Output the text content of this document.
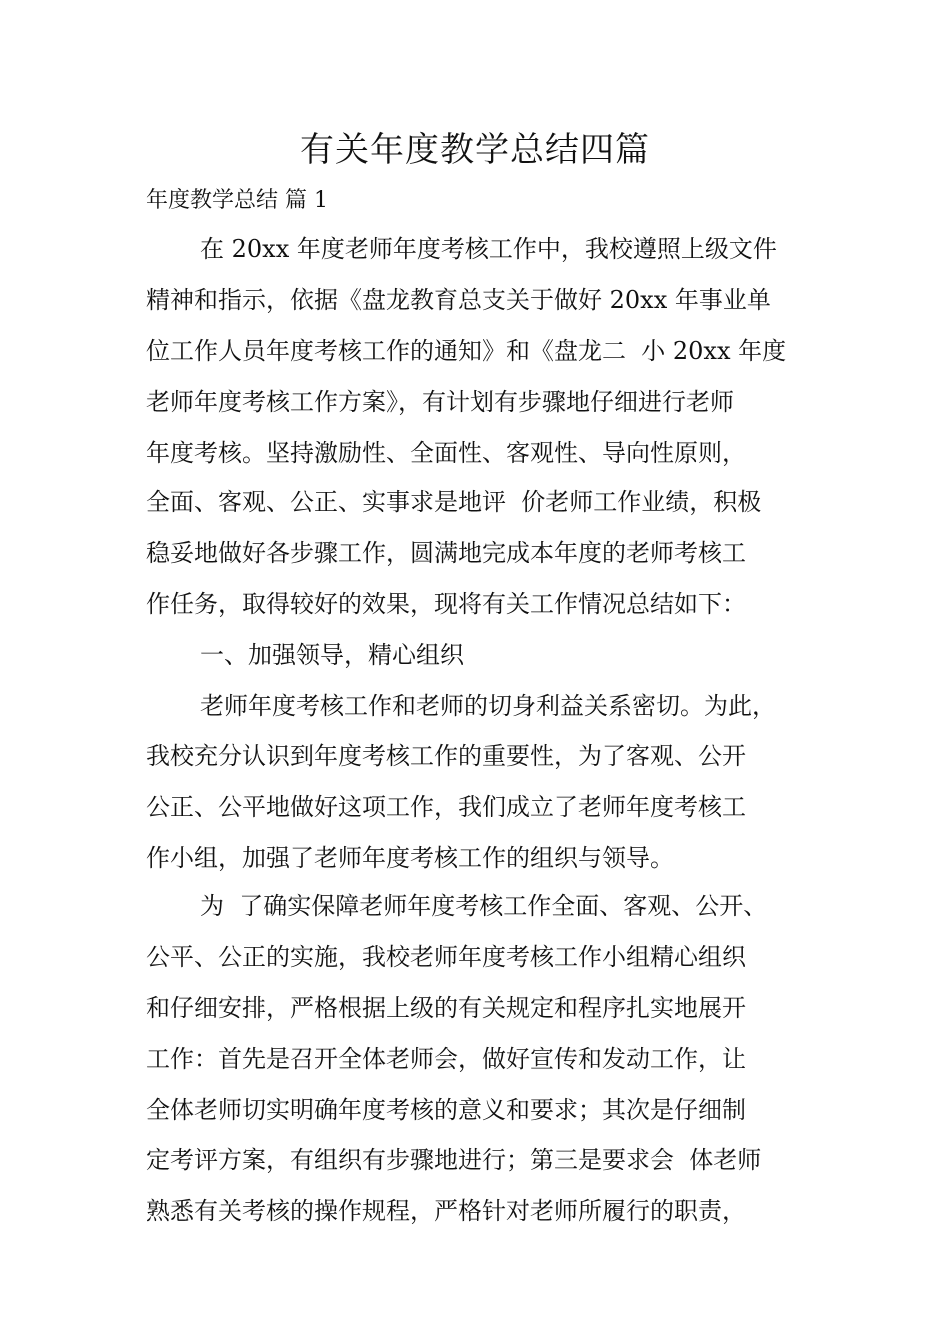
有关年度教学总结四篇
年度教学总结 篇 1
在 20xx 年度老师年度考核工作中，我校遵照上级文件
精神和指示，依据《盘龙教育总支关于做好 20xx 年事业单
位工作人员年度考核工作的通知》和《盘龙二  小 20xx 年度
老师年度考核工作方案》，有计划有步骤地仔细进行老师
年度考核。坚持激励性、全面性、客观性、导向性原则，
全面、客观、公正、实事求是地评  价老师工作业绩，积极
稳妥地做好各步骤工作，圆满地完成本年度的老师考核工
作任务，取得较好的效果，现将有关工作情况总结如下：
一、加强领导，精心组织
老师年度考核工作和老师的切身利益关系密切。为此，
我校充分认识到年度考核工作的重要性，为了客观、公开
公正、公平地做好这项工作，我们成立了老师年度考核工
作小组，加强了老师年度考核工作的组织与领导。
为  了确实保障老师年度考核工作全面、客观、公开、
公平、公正的实施，我校老师年度考核工作小组精心组织
和仔细安排，严格根据上级的有关规定和程序扎实地展开
工作：首先是召开全体老师会，做好宣传和发动工作，让
全体老师切实明确年度考核的意义和要求；其次是仔细制
定考评方案，有组织有步骤地进行；第三是要求会  体老师
熟悉有关考核的操作规程，严格针对老师所履行的职责，
